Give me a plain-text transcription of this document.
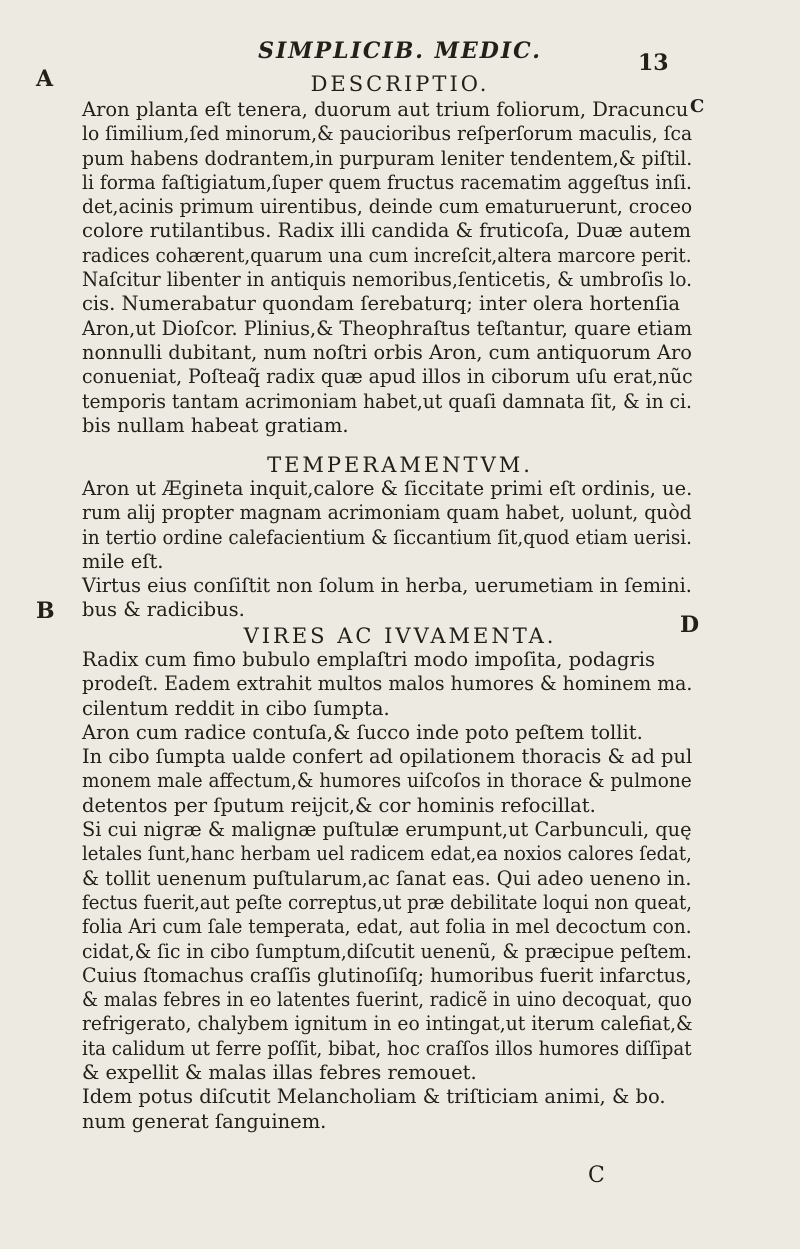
SIMPLICIB. MEDIC.	13
A
C
B
D
DESCRIPTIO.
Aron planta eſt tenera, duorum aut trium foliorum, Dracuncu
lo ſimilium,ſed minorum,& paucioribus reſperſorum maculis, ſca
pum habens dodrantem,in purpuram leniter tendentem,& piſtil.
li forma faſtigiatum,ſuper quem fructus racematim aggeſtus inſi.
det,acinis primum uirentibus, deinde cum ematuruerunt, croceo
colore rutilantibus. Radix illi candida & fruticoſa, Duæ autem
radices cohærent,quarum una cum increſcit,altera marcore perit.
Naſcitur libenter in antiquis nemoribus,ſenticetis, & umbroſis lo.
cis. Numerabatur quondam ſerebaturq; inter olera hortenſia
Aron,ut Dioſcor. Plinius,& Theophraſtus teſtantur, quare etiam
nonnulli dubitant, num noſtri orbis Aron, cum antiquorum Aro
conueniat, Poſteaq̃ radix quæ apud illos in ciborum uſu erat,nũc
temporis tantam acrimoniam habet,ut quaſi damnata ſit, & in ci.
bis nullam habeat gratiam.
TEMPERAMENTVM.
Aron ut Æginetа inquit,calore & ſiccitate primi eſt ordinis, ue.
rum alij propter magnam acrimoniam quam habet, uolunt, quòd
in tertio ordine calefacientium & ſiccantium ſit,quod etiam uerisi.
mile eſt.
Virtus eius conſiſtit non ſolum in herba, uerumetiam in ſemini.
bus & radicibus.
VIRES AC IVVAMENTA.
Radix cum fimo bubulo emplaſtri modo impoſita, podagris
prodeſt. Eadem extrahit multos malos humores & hominem ma.
cilentum reddit in cibo ſumpta.
Aron cum radice contuſa,& ſucco inde poto peſtem tollit.
In cibo ſumpta ualde confert ad opilationem thoracis & ad pul
monem male affectum,& humores uiſcoſos in thorace & pulmone
detentos per ſputum reijcit,& cor hominis refocillat.
Si cui nigræ & malignæ puſtulæ erumpunt,ut Carbunculi, quę
letales ſunt,hanc herbam uel radicem edat,ea noxios calores ſedat,
& tollit uenenum puſtularum,ac ſanat eas. Qui adeo ueneno in.
fectus fuerit,aut peſte correptus,ut præ debilitate loqui non queat,
folia Ari cum ſale temperata, edat, aut folia in mel decoctum con.
cidat,& ſic in cibo ſumptum,diſcutit uenenũ, & præcipue peſtem.
Cuius ſtomachus craſſis glutinoſiſq; humoribus fuerit infarctus,
& malas febres in eo latentes fuerint, radicẽ in uino decoquat, quo
refrigerato, chalybem ignitum in eo intingat,ut iterum calefiat,&
ita calidum ut ferre poſſit, bibat, hoc craſſos illos humores diſſipat
& expellit & malas illas febres remouet.
Idem potus diſcutit Melancholiam & triſticiam animi, & bo.
num generat ſanguinem.
C
